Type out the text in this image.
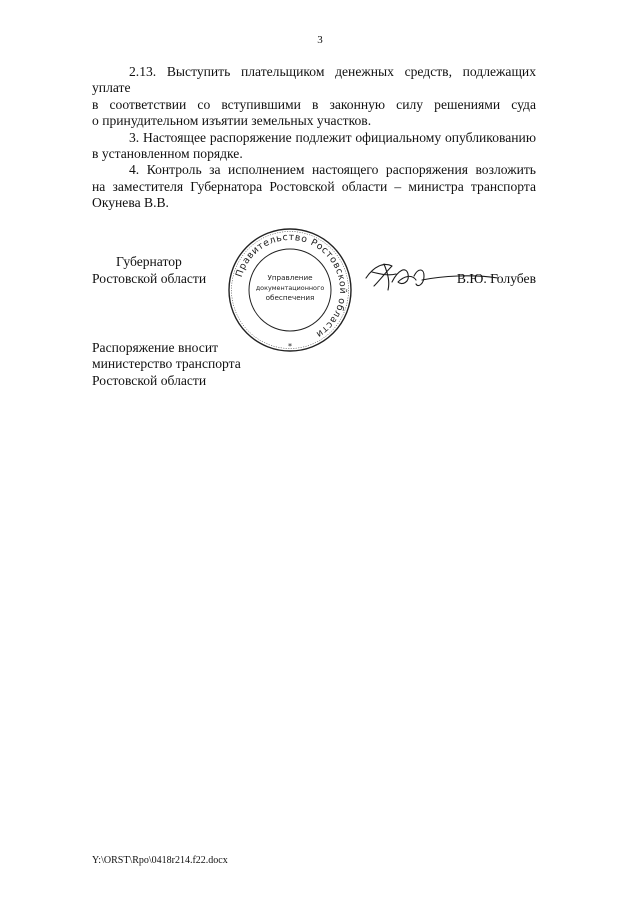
3

2.13. Выступить плательщиком денежных средств, подлежащих уплате
в соответствии со вступившими в законную силу решениями суда
о принудительном изъятии земельных участков.

3. Настоящее распоряжение подлежит официальному опубликованию
в установленном порядке.

4. Контроль за исполнением настоящего распоряжения возложить
на заместителя Губернатора Ростовской области – министра транспорта
Окунева В.В.

Губернатор
Ростовской области	Правительство Ростовской области
Управление
документационного
обеспечения
*
В.Ю. Голубев
Распоряжение вносит
министерство транспорта
Ростовской области
Y:\ORST\Rpo\0418r214.f22.docx
